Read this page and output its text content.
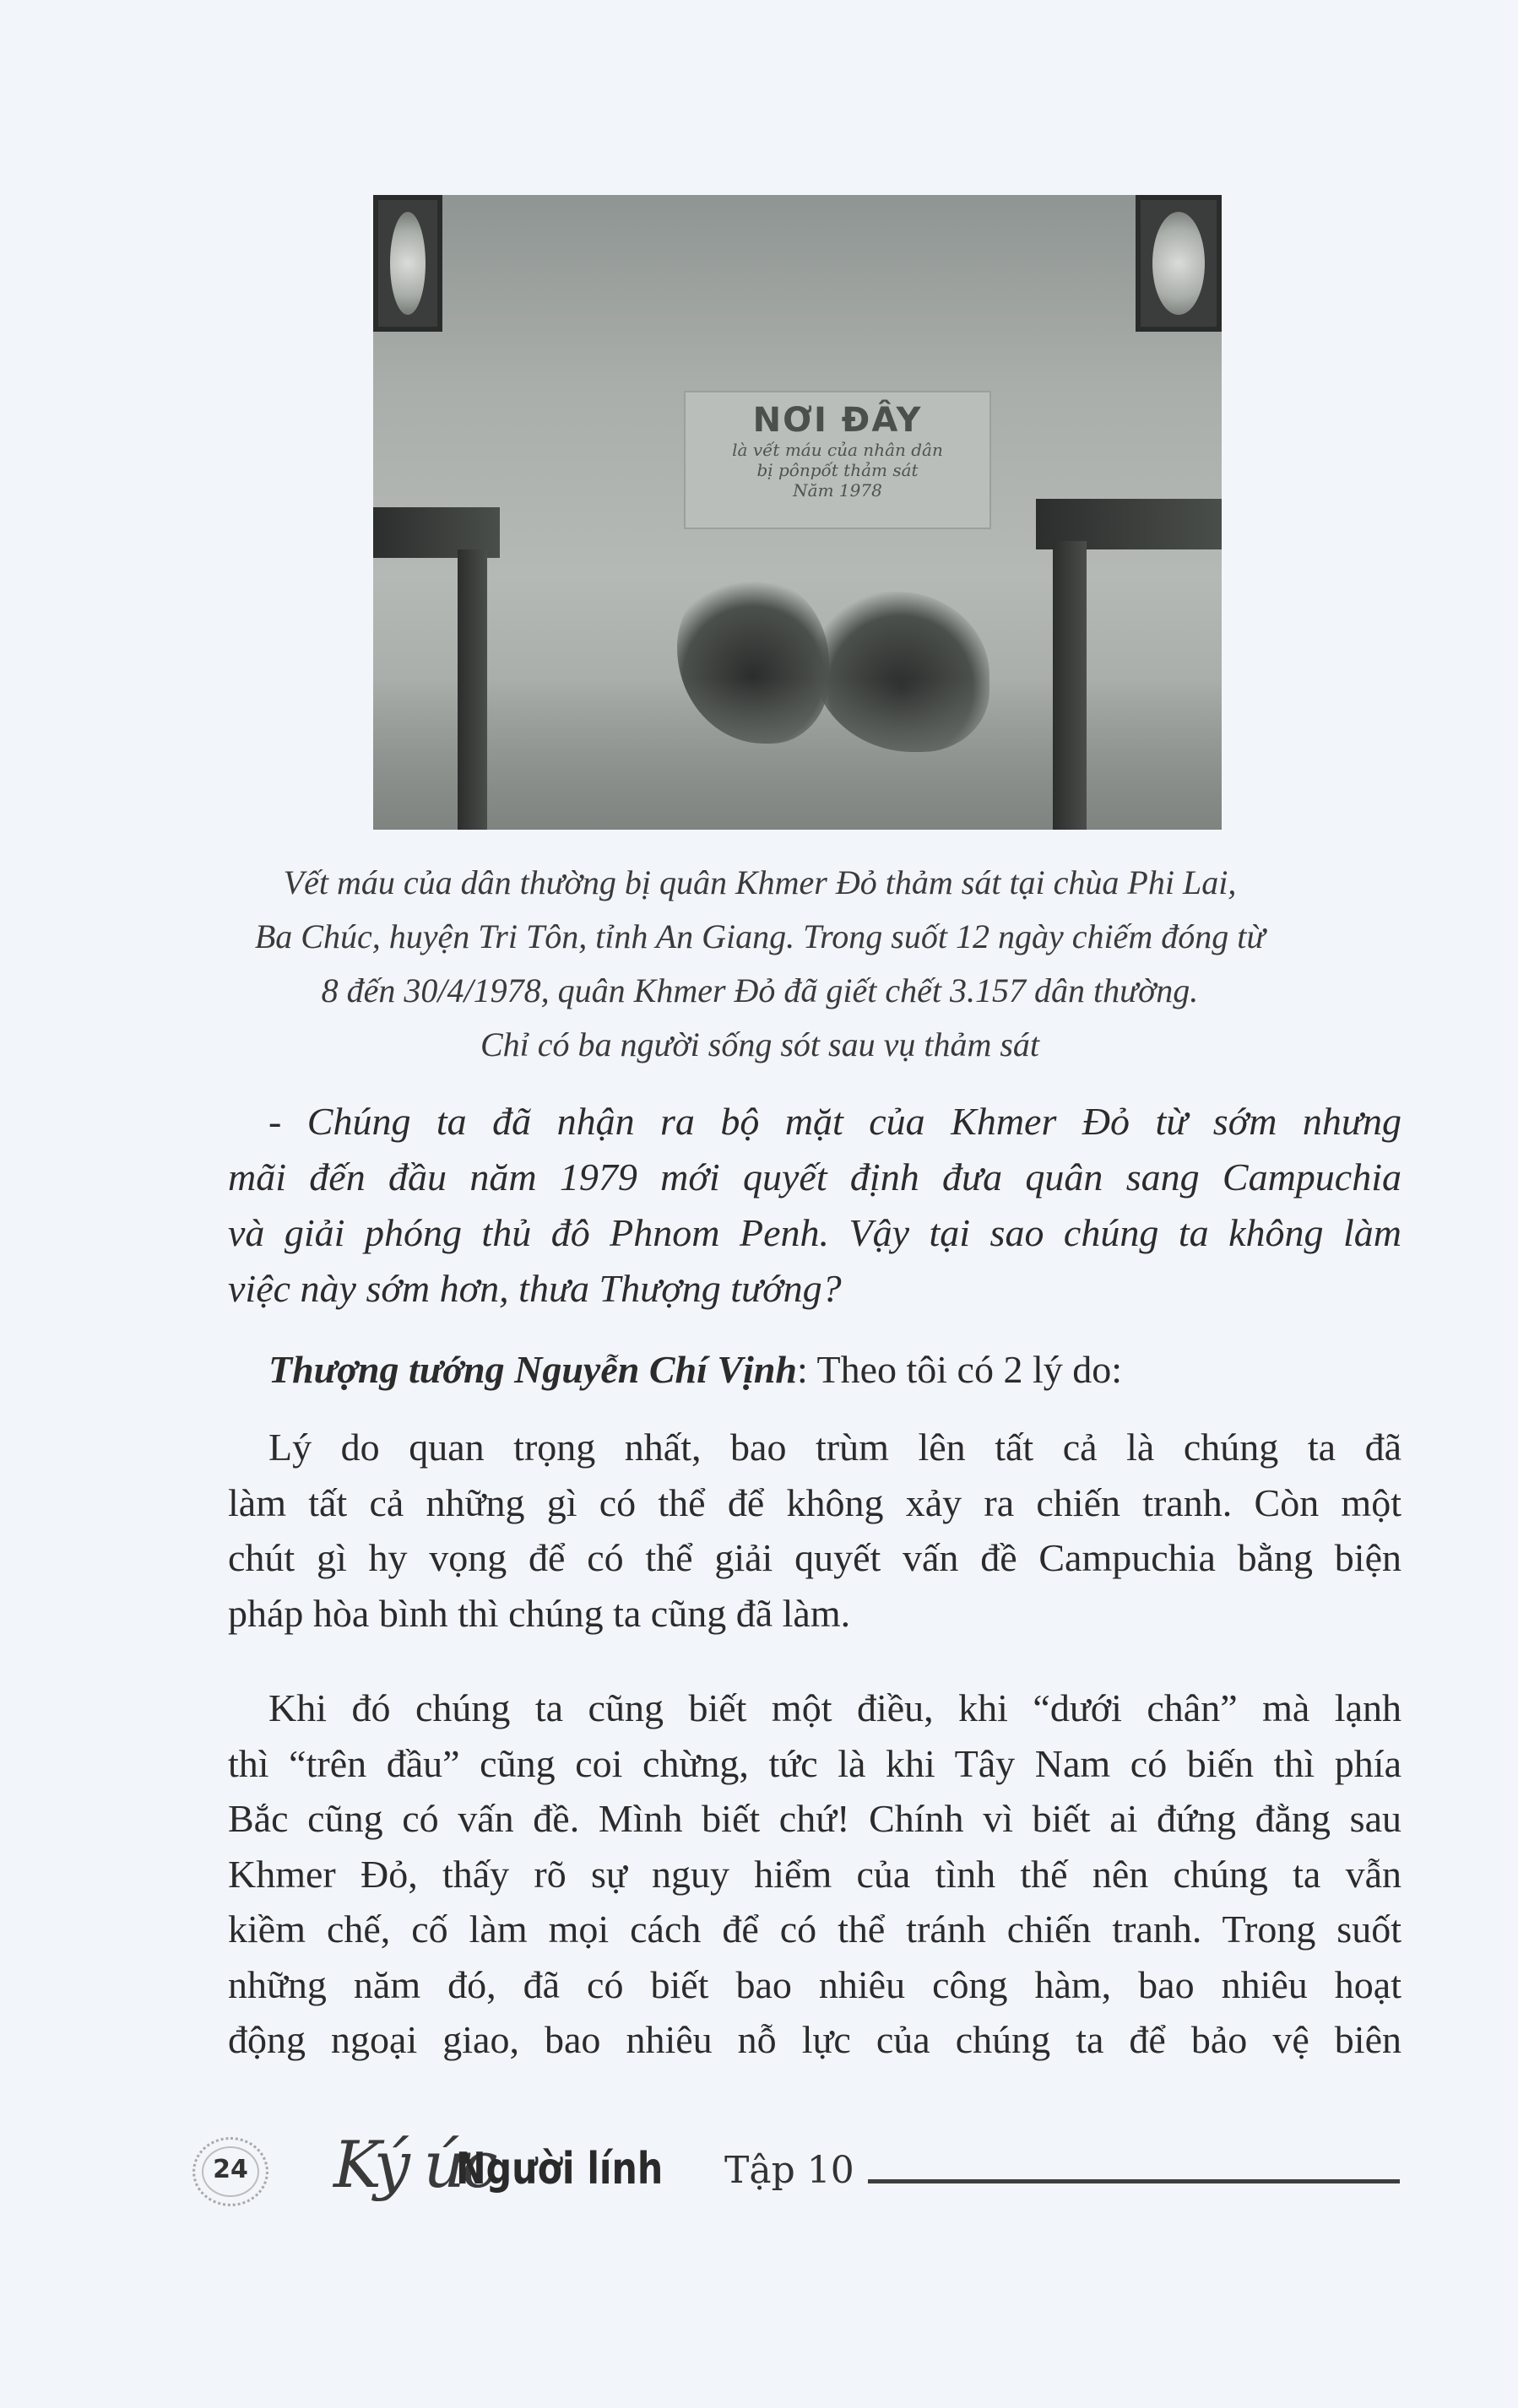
NƠI ĐÂY
là vết máu của nhân dân
bị pônpốt thảm sát
Năm 1978
Vết máu của dân thường bị quân Khmer Đỏ thảm sát tại chùa Phi Lai,
Ba Chúc, huyện Tri Tôn, tỉnh An Giang. Trong suốt 12 ngày chiếm đóng từ
8 đến 30/4/1978, quân Khmer Đỏ đã giết chết 3.157 dân thường.
Chỉ có ba người sống sót sau vụ thảm sát
- Chúng ta đã nhận ra bộ mặt của Khmer Đỏ từ sớm nhưng
mãi đến đầu năm 1979 mới quyết định đưa quân sang Campuchia
và giải phóng thủ đô Phnom Penh. Vậy tại sao chúng ta không làm
việc này sớm hơn, thưa Thượng tướng?
Thượng tướng Nguyễn Chí Vịnh: Theo tôi có 2 lý do:
Lý do quan trọng nhất, bao trùm lên tất cả là chúng ta đã
làm tất cả những gì có thể để không xảy ra chiến tranh. Còn một
chút gì hy vọng để có thể giải quyết vấn đề Campuchia bằng biện
pháp hòa bình thì chúng ta cũng đã làm.
Khi đó chúng ta cũng biết một điều, khi “dưới chân” mà lạnh
thì “trên đầu” cũng coi chừng, tức là khi Tây Nam có biến thì phía
Bắc cũng có vấn đề. Mình biết chứ! Chính vì biết ai đứng đằng sau
Khmer Đỏ, thấy rõ sự nguy hiểm của tình thế nên chúng ta vẫn
kiềm chế, cố làm mọi cách để có thể tránh chiến tranh. Trong suốt
những năm đó, đã có biết bao nhiêu công hàm, bao nhiêu hoạt
động ngoại giao, bao nhiêu nỗ lực của chúng ta để bảo vệ biên
24 Ký ức
Người lính Tập 10
